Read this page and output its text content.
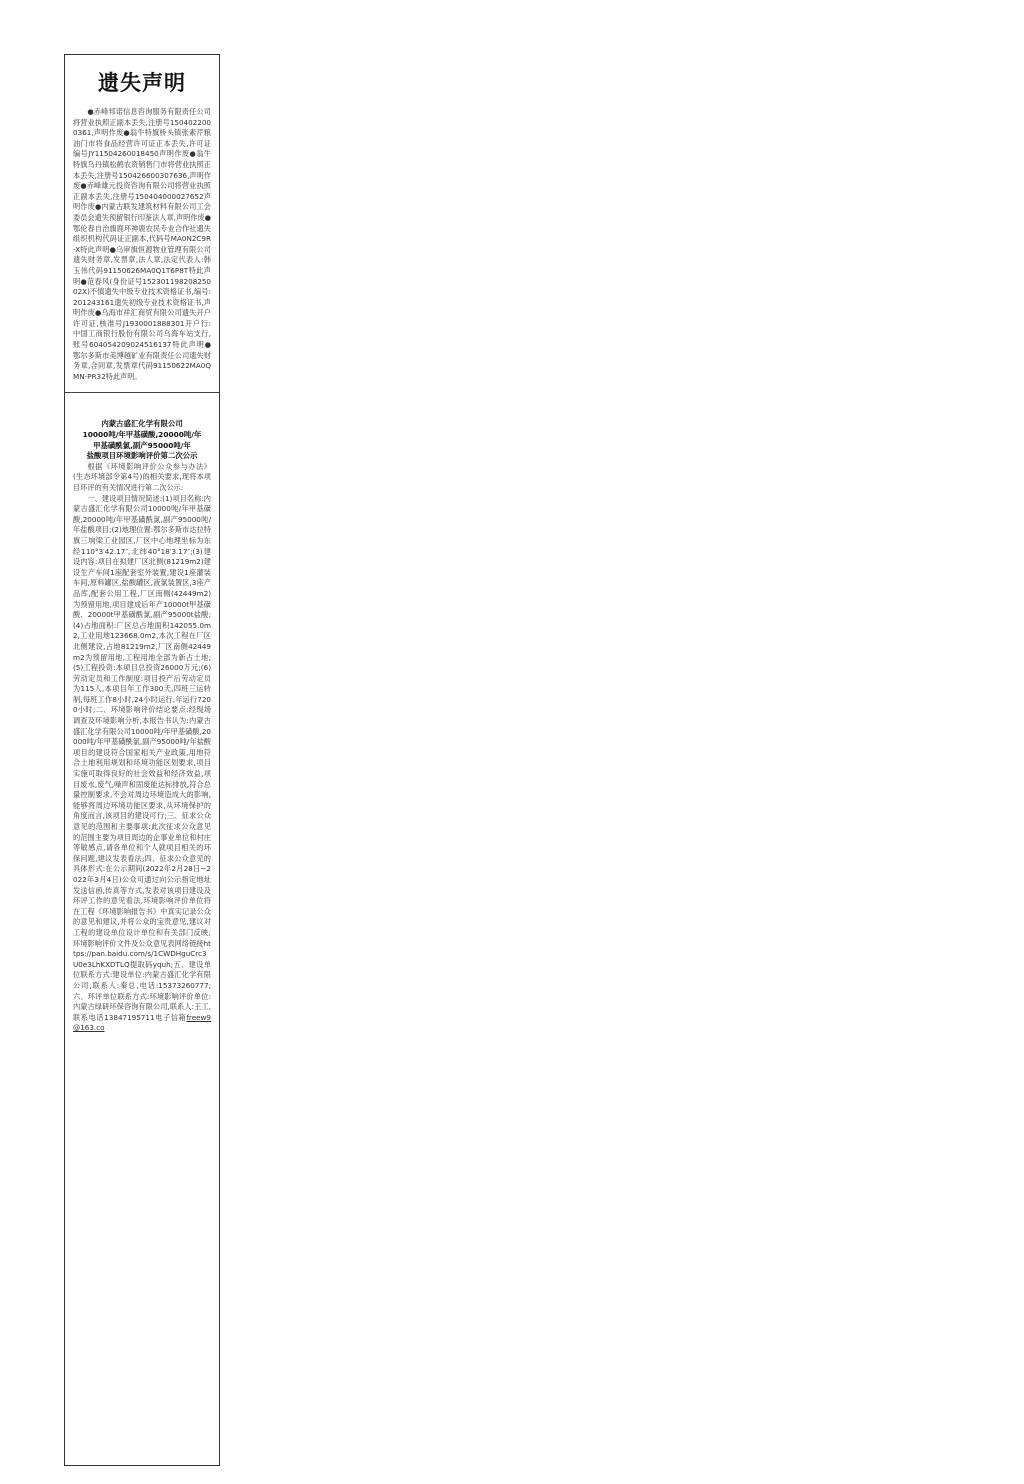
遗失声明
●赤峰邦诺信息咨询服务有限责任公司将营业执照正副本丢失,注册号1504022000361,声明作废●翁牛特旗桥头镇张素芹粮油门市将食品经营许可证正本丢失,许可证编号JY11504260018450声明作废●翁牛特旗乌丹镇松鹤农资销售门市将营业执照正本丢失,注册号150426600307636,声明作废●赤峰雄元投资咨询有限公司将营业执照正副本丢失,注册号150404000027652声明作废●内蒙古联发建筑材料有限公司工会委员会遗失预留银行印鉴法人章,声明作废●鄂伦春自治旗鹿环神鹿农民专业合作社遗失组织机构代码证正副本,代码号MA0N2C9R-X特此声明●乌审旗恒源物业管理有限公司遗失财务章,发票章,法人章,法定代表人:韩玉伟代码91150626MA0Q1T6P8T特此声明●范春风(身份证号152301198208250​02X)不慎遗失中级专业技术资格证书,编号:201243161遗失初级专业技术资格证书,声明作废●乌海市祥汇商贸有限公司遗失开户许可证,核准号J1930001888301开户行:中国工商银行股份有限公司乌海车站支行,账号6040542090245​16137特此声明●鄂尔多斯市美博越矿业有限责任公司遗失财务章,合同章,发票章代码91150622MA0QMN-PR32特此声明。
内蒙古盛汇化学有限公司
10000吨/年甲基磺酸,20000吨/年
甲基磺酰氯,副产95000吨/年
盐酸项目环境影响评价第二次公示

根据《环境影响评价公众参与办法》(生态环境部令第4号)的相关要求,现将本项目环评的有关情况进行第二次公示:

一、建设项目情况简述:(1)项目名称:内蒙古盛汇化学有限公司10000吨/年甲基磺酸,20000吨/年甲基磺酰氯,副产95000吨/年盐酸项目;(2)地理位置:鄂尔多斯市达拉特旗三垧梁工业园区,厂区中心地理坐标为东经110°3′42.17″,北纬40°18′3.17″;(3)建设内容:项目在拟建厂区北侧(81219m2)建设生产车间1座配套室外装置,建设1座灌装车间,原料罐区,盐酸罐区,液氯装置区,3座产品库,配套公用工程,厂区南侧(42449m2)为预留用地,项目建成后年产10000t甲基磺酸、20000t甲基磺酰氯,副产95000t盐酸;(4)占地面积:厂区总占地面积142055.0m2,工业用地123668.0m2,本次工程在厂区北侧建设,占地81219m2,厂区南侧42449m2为预留用地,工程用地全部为新占土地;(5)工程投资:本项目总投资26000万元;(6)劳动定员和工作制度:项目投产后劳动定员为115人,本项目年工作300天,四班三运转制,每班工作8小时,24小时运行,年运行7200小时;二、环境影响评价结论要点:经现场调查及环境影响分析,本报告书认为:内蒙古盛汇化学有限公司10000吨/年甲基磺酸,20000吨/年甲基磺酰氯,副产95000吨/年盐酸项目的建设符合国家相关产业政策,用地符合土地利用规划和环境功能区划要求,项目实施可取得良好的社会效益和经济效益,项目废水,废气,噪声和固废能达标排放,符合总量控制要求,不会对周边环境造成大的影响,能够将周边环境功能区要求,从环境保护的角度而言,该项目的建设可行;三、征求公众意见的范围和主要事项:此次征求公众意见的范围主要为项目周边的企事业单位和村庄等敏感点,请各单位和个人就项目相关的环保问题,建议发表看法;四、征求公众意见的具体形式:在公示期间(2022年2月28日~2022年3月4日)公众可通过向公示指定地址发送信函,传真等方式,发表对该项目建设及环评工作的意见看法,环境影响评价单位将在工程《环境影响报告书》中真实记录公众的意见和建议,并将公众的宝贵意见,建议对工程的建设单位设计单位和有关部门反映;环境影响评价文件及公众意见表网络链接https://pan.baidu.com/s/1CWDHguCrc3U0e3LhKXDTLQ提取码yquh;五、建设单位联系方式:建设单位:内蒙古盛汇化学有限公司,联系人:秦总,电话:15373260777;六、环评单位联系方式:环境影响评价单位:内蒙古绿研环保咨询有限公司,联系人:王工,联系电话13847195711电子信箱freew9@163.co
